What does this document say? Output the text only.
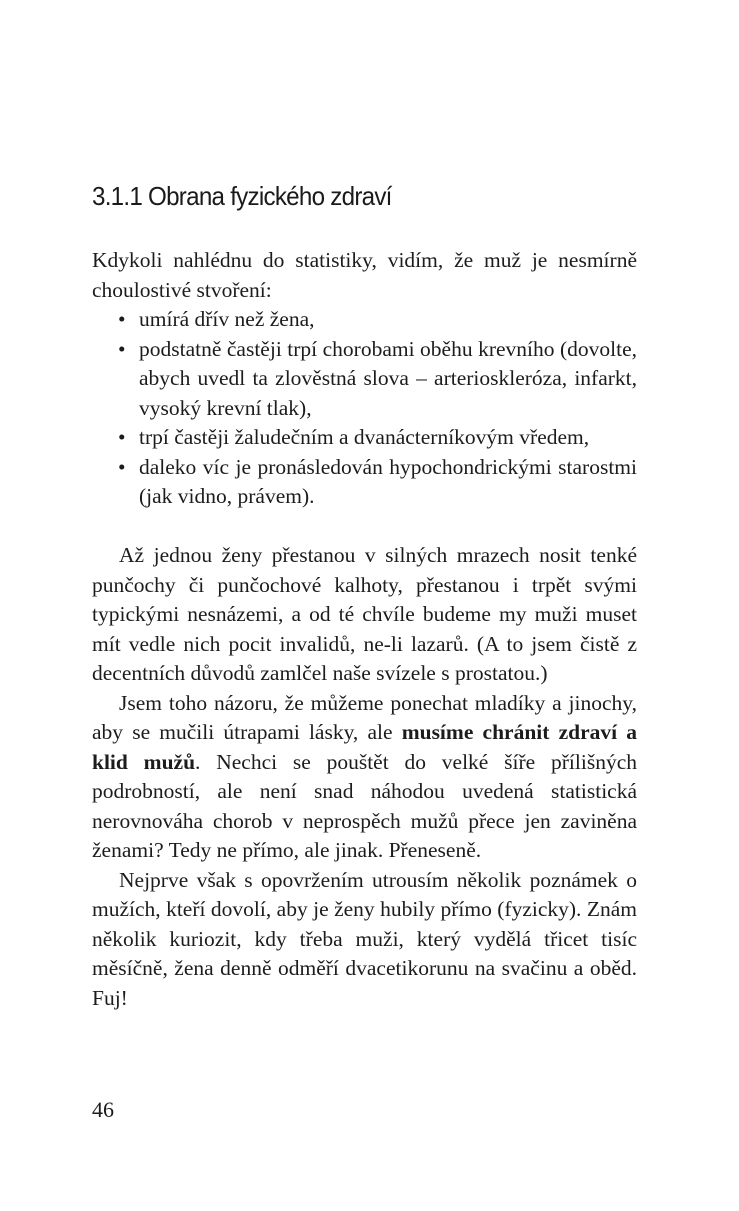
3.1.1 Obrana fyzického zdraví

Kdykoli nahlédnu do statistiky, vidím, že muž je nesmírně choulostivé stvoření:

• umírá dřív než žena,
• podstatně častěji trpí chorobami oběhu krevního (dovolte, abych uvedl ta zlověstná slova – arterioskleróza, infarkt, vysoký krevní tlak),
• trpí častěji žaludečním a dvanácterníkovým vředem,
• daleko víc je pronásledován hypochondrickými starostmi (jak vidno, právem).

Až jednou ženy přestanou v silných mrazech nosit tenké punčochy či punčochové kalhoty, přestanou i trpět svými typickými nesnázemi, a od té chvíle budeme my muži muset mít vedle nich pocit invalidů, ne-li lazarů. (A to jsem čistě z decentních důvodů zamlčel naše svízele s prostatou.)

Jsem toho názoru, že můžeme ponechat mladíky a jinochy, aby se mučili útrapami lásky, ale musíme chránit zdraví a klid mužů. Nechci se pouštět do velké šíře přílišných podrobností, ale není snad náhodou uvedená statistická nerovnováha chorob v neprospěch mužů přece jen zaviněna ženami? Tedy ne přímo, ale jinak. Přeneseně.

Nejprve však s opovržením utrousím několik poznámek o mužích, kteří dovolí, aby je ženy hubily přímo (fyzicky). Znám několik kuriozit, kdy třeba muži, který vydělá třicet tisíc měsíčně, žena denně odměří dvacetikorunu na svačinu a oběd. Fuj!

46
